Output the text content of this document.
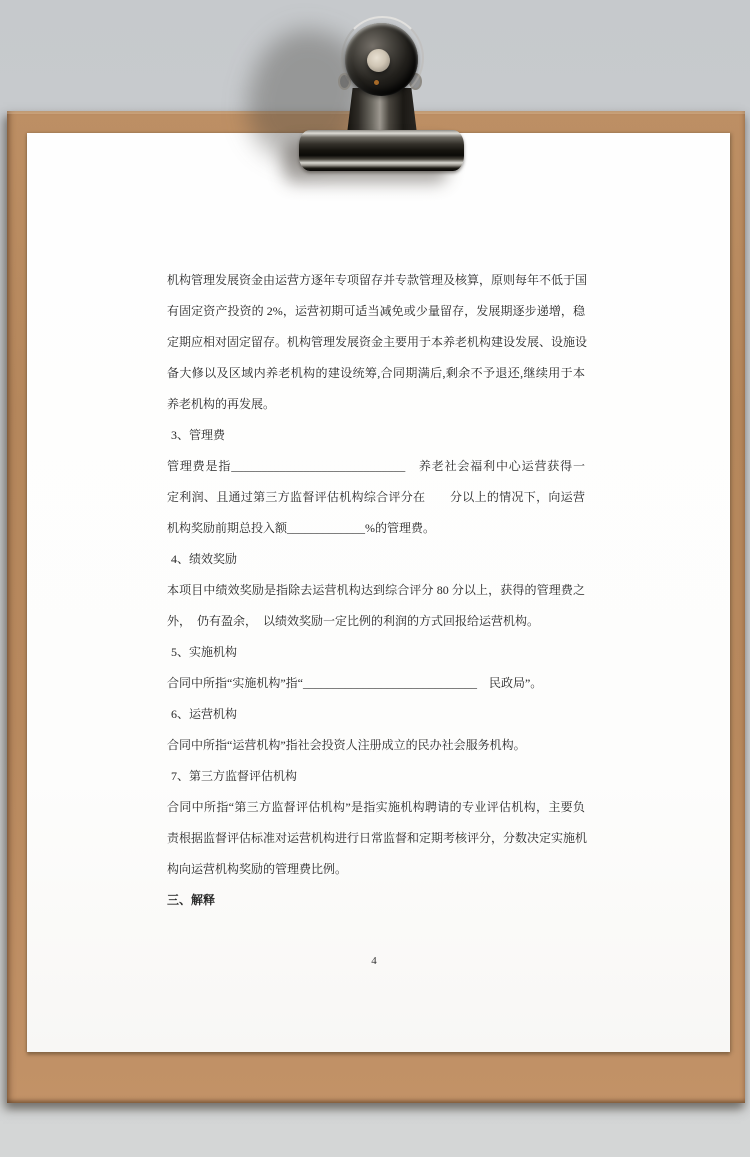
机构管理发展资金由运营方逐年专项留存并专款管理及核算，原则每年不低于国
有固定资产投资的 2%，运营初期可适当减免或少量留存，发展期逐步递增，稳
定期应相对固定留存。机构管理发展资金主要用于本养老机构建设发展、设施设
备大修以及区域内养老机构的建设统筹,合同期满后,剩余不予退还,继续用于本
养老机构的再发展。
3、管理费
管理费是指_____________________________　养老社会福利中心运营获得一
定利润、且通过第三方监督评估机构综合评分在　　分以上的情况下，向运营
机构奖励前期总投入额_____________%的管理费。
4、绩效奖励
本项目中绩效奖励是指除去运营机构达到综合评分 80 分以上，获得的管理费之
外，　仍有盈余，　以绩效奖励一定比例的利润的方式回报给运营机构。
5、实施机构
合同中所指“实施机构”指“_____________________________　民政局”。
6、运营机构
合同中所指“运营机构”指社会投资人注册成立的民办社会服务机构。
7、第三方监督评估机构
合同中所指“第三方监督评估机构”是指实施机构聘请的专业评估机构，主要负
责根据监督评估标准对运营机构进行日常监督和定期考核评分，分数决定实施机
构向运营机构奖励的管理费比例。
三、解释
4
